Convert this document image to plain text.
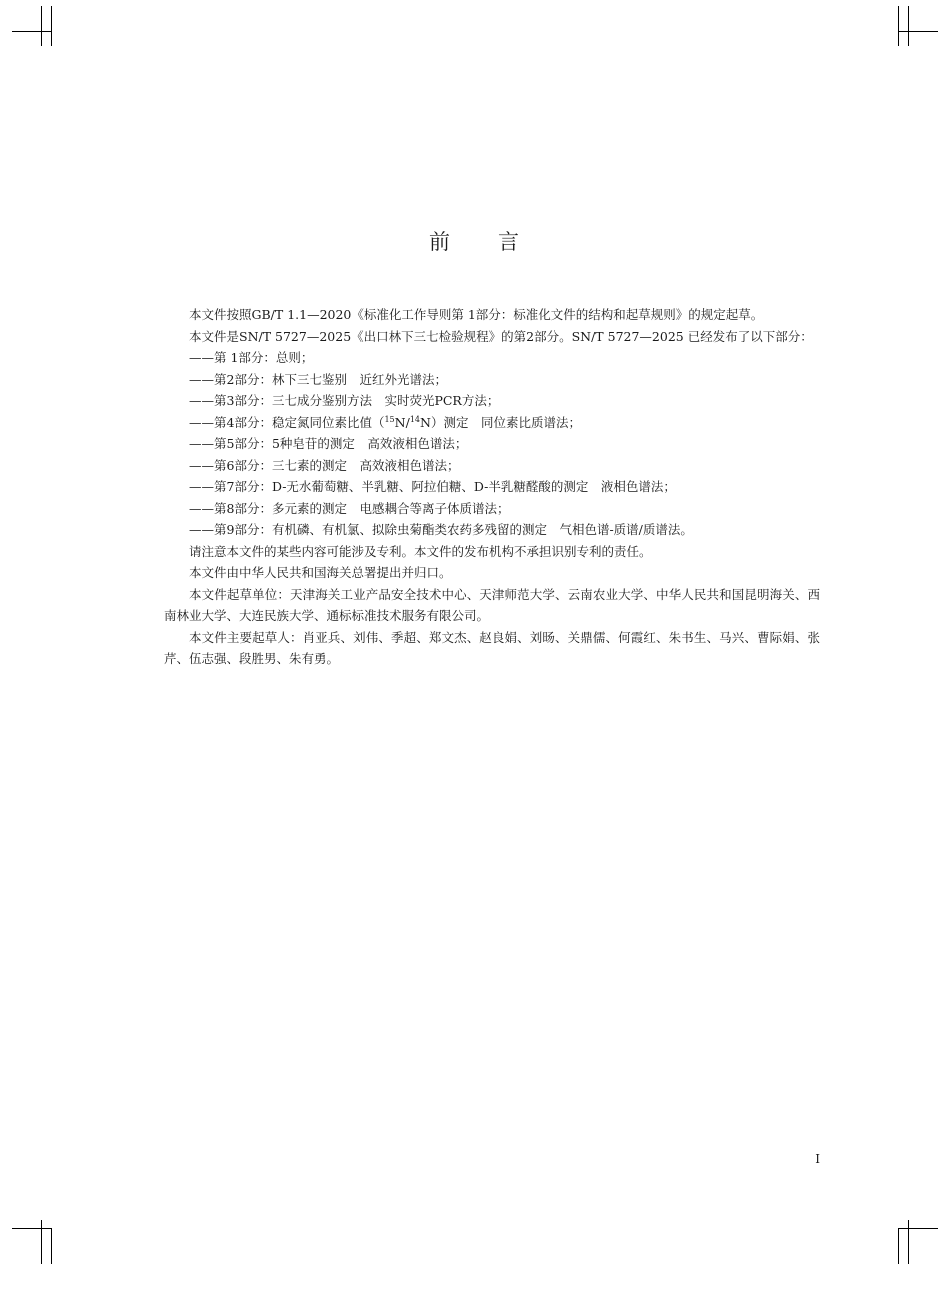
前 言

本文件按照GB/T 1.1—2020《标准化工作导则第 1部分：标准化文件的结构和起草规则》的规定起草。

本文件是SN/T 5727—2025《出口林下三七检验规程》的第2部分。SN/T 5727—2025 已经发布了以下部分：

——第 1部分：总则；

——第2部分：林下三七鉴别　近红外光谱法；

——第3部分：三七成分鉴别方法　实时荧光PCR方法；

——第4部分：稳定氮同位素比值（$^{15}$N/$^{14}$N）测定　同位素比质谱法；

——第5部分：5种皂苷的测定　高效液相色谱法；

——第6部分：三七素的测定　高效液相色谱法；

——第7部分：D-无水葡萄糖、半乳糖、阿拉伯糖、D-半乳糖醛酸的测定　液相色谱法；

——第8部分：多元素的测定　电感耦合等离子体质谱法；

——第9部分：有机磷、有机氯、拟除虫菊酯类农药多残留的测定　气相色谱-质谱/质谱法。

请注意本文件的某些内容可能涉及专利。本文件的发布机构不承担识别专利的责任。

本文件由中华人民共和国海关总署提出并归口。

本文件起草单位：天津海关工业产品安全技术中心、天津师范大学、云南农业大学、中华人民共和国昆明海关、西南林业大学、大连民族大学、通标标准技术服务有限公司。

本文件主要起草人：肖亚兵、刘伟、季超、郑文杰、赵良娟、刘旸、关鼎儒、何霞红、朱书生、马兴、曹际娟、张芹、伍志强、段胜男、朱有勇。

I
